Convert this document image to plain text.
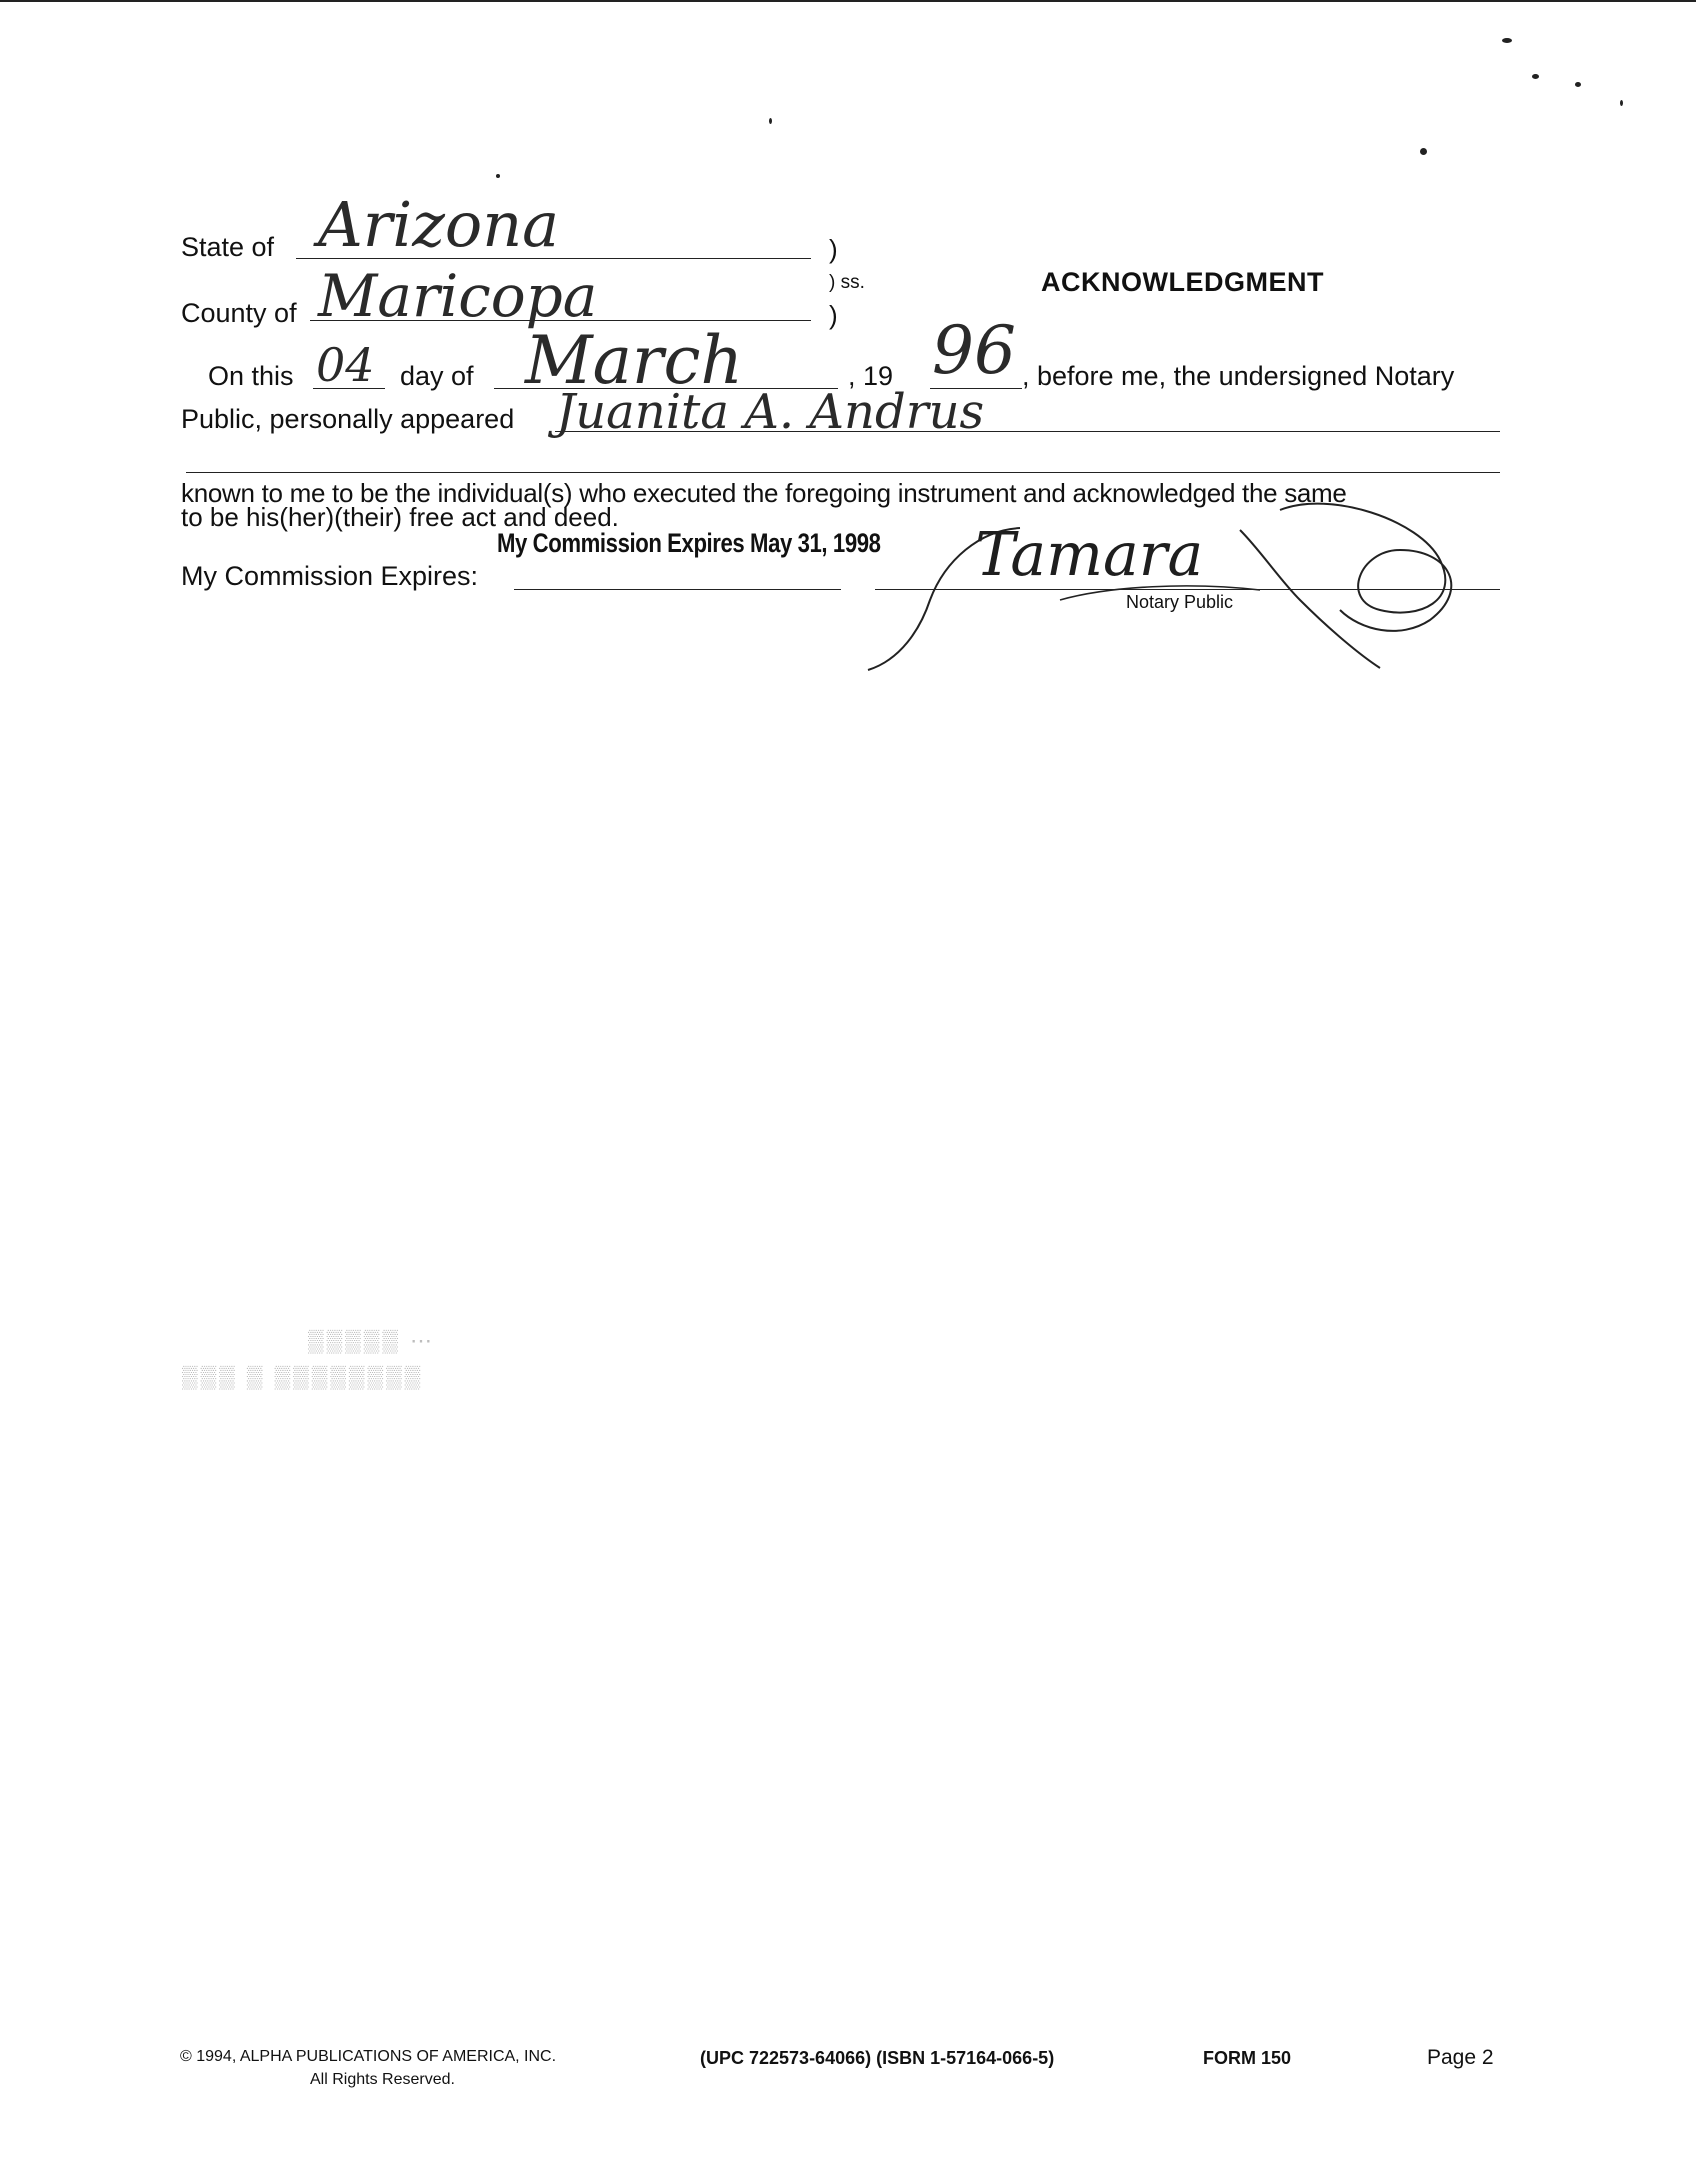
State of Arizona	)
) ss.	ACKNOWLEDGMENT
County of Maricopa	)
On this 04 day of March	, 19 96 , before me, the undersigned Notary
Public, personally appeared Juanita A. Andrus
known to me to be the individual(s) who executed the foregoing instrument and acknowledged the same
to be his(her)(their) free act and deed.
My Commission Expires May 31, 1998
My Commission Expires:	Tamara
Notary Public
▒▒▒▒▒ ⋯
▒▒▒ ▒ ▒▒▒▒▒▒▒▒
© 1994, ALPHA PUBLICATIONS OF AMERICA, INC.
All Rights Reserved.
(UPC 722573-64066) (ISBN 1-57164-066-5)	FORM 150	Page 2
